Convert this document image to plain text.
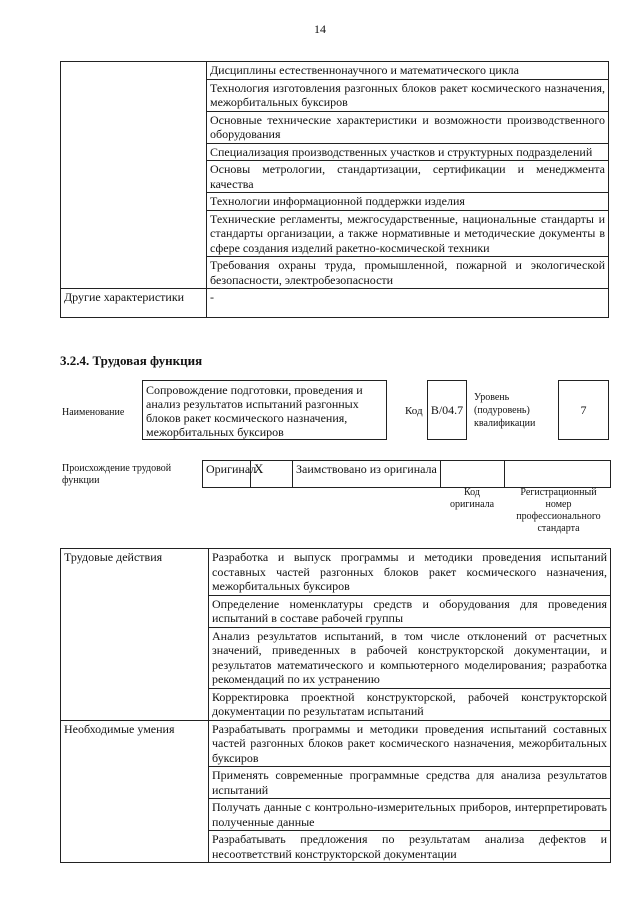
14
	Дисциплины естественнонаучного и математического цикла
	Технология изготовления разгонных блоков ракет космического назначения, межорбитальных буксиров
	Основные технические характеристики и возможности производственного оборудования
	Специализация производственных участков и структурных подразделений
	Основы метрологии, стандартизации, сертификации и менеджмента качества
	Технологии информационной поддержки изделия
	Технические регламенты, межгосударственные, национальные стандарты и стандарты организации, а также нормативные и методические документы в сфере создания изделий ракетно-космической техники
	Требования охраны труда, промышленной, пожарной и экологической безопасности, электробезопасности
Другие характеристики	-
3.2.4. Трудовая функция
Наименование
Сопровождение подготовки, проведения и анализ результатов испытаний разгонных блоков ракет космического назначения, межорбитальных буксиров
Код B/04.7
Уровень
(подуровень)
квалификации
7
Происхождение трудовой функции
Оригинал	X	Заимствовано из оригинала		
Код
оригинала
Регистрационный
номер
профессионального
стандарта
Трудовые действия	Разработка и выпуск программы и методики проведения испытаний составных частей разгонных блоков ракет космического назначения, межорбитальных буксиров
	Определение номенклатуры средств и оборудования для проведения испытаний в составе рабочей группы
	Анализ результатов испытаний, в том числе отклонений от расчетных значений, приведенных в рабочей конструкторской документации, и результатов математического и компьютерного моделирования; разработка рекомендаций по их устранению
	Корректировка проектной конструкторской, рабочей конструкторской документации по результатам испытаний
Необходимые умения	Разрабатывать программы и методики проведения испытаний составных частей разгонных блоков ракет космического назначения, межорбитальных буксиров
	Применять современные программные средства для анализа результатов испытаний
	Получать данные с контрольно-измерительных приборов, интерпретировать полученные данные
	Разрабатывать предложения по результатам анализа дефектов и несоответствий конструкторской документации
